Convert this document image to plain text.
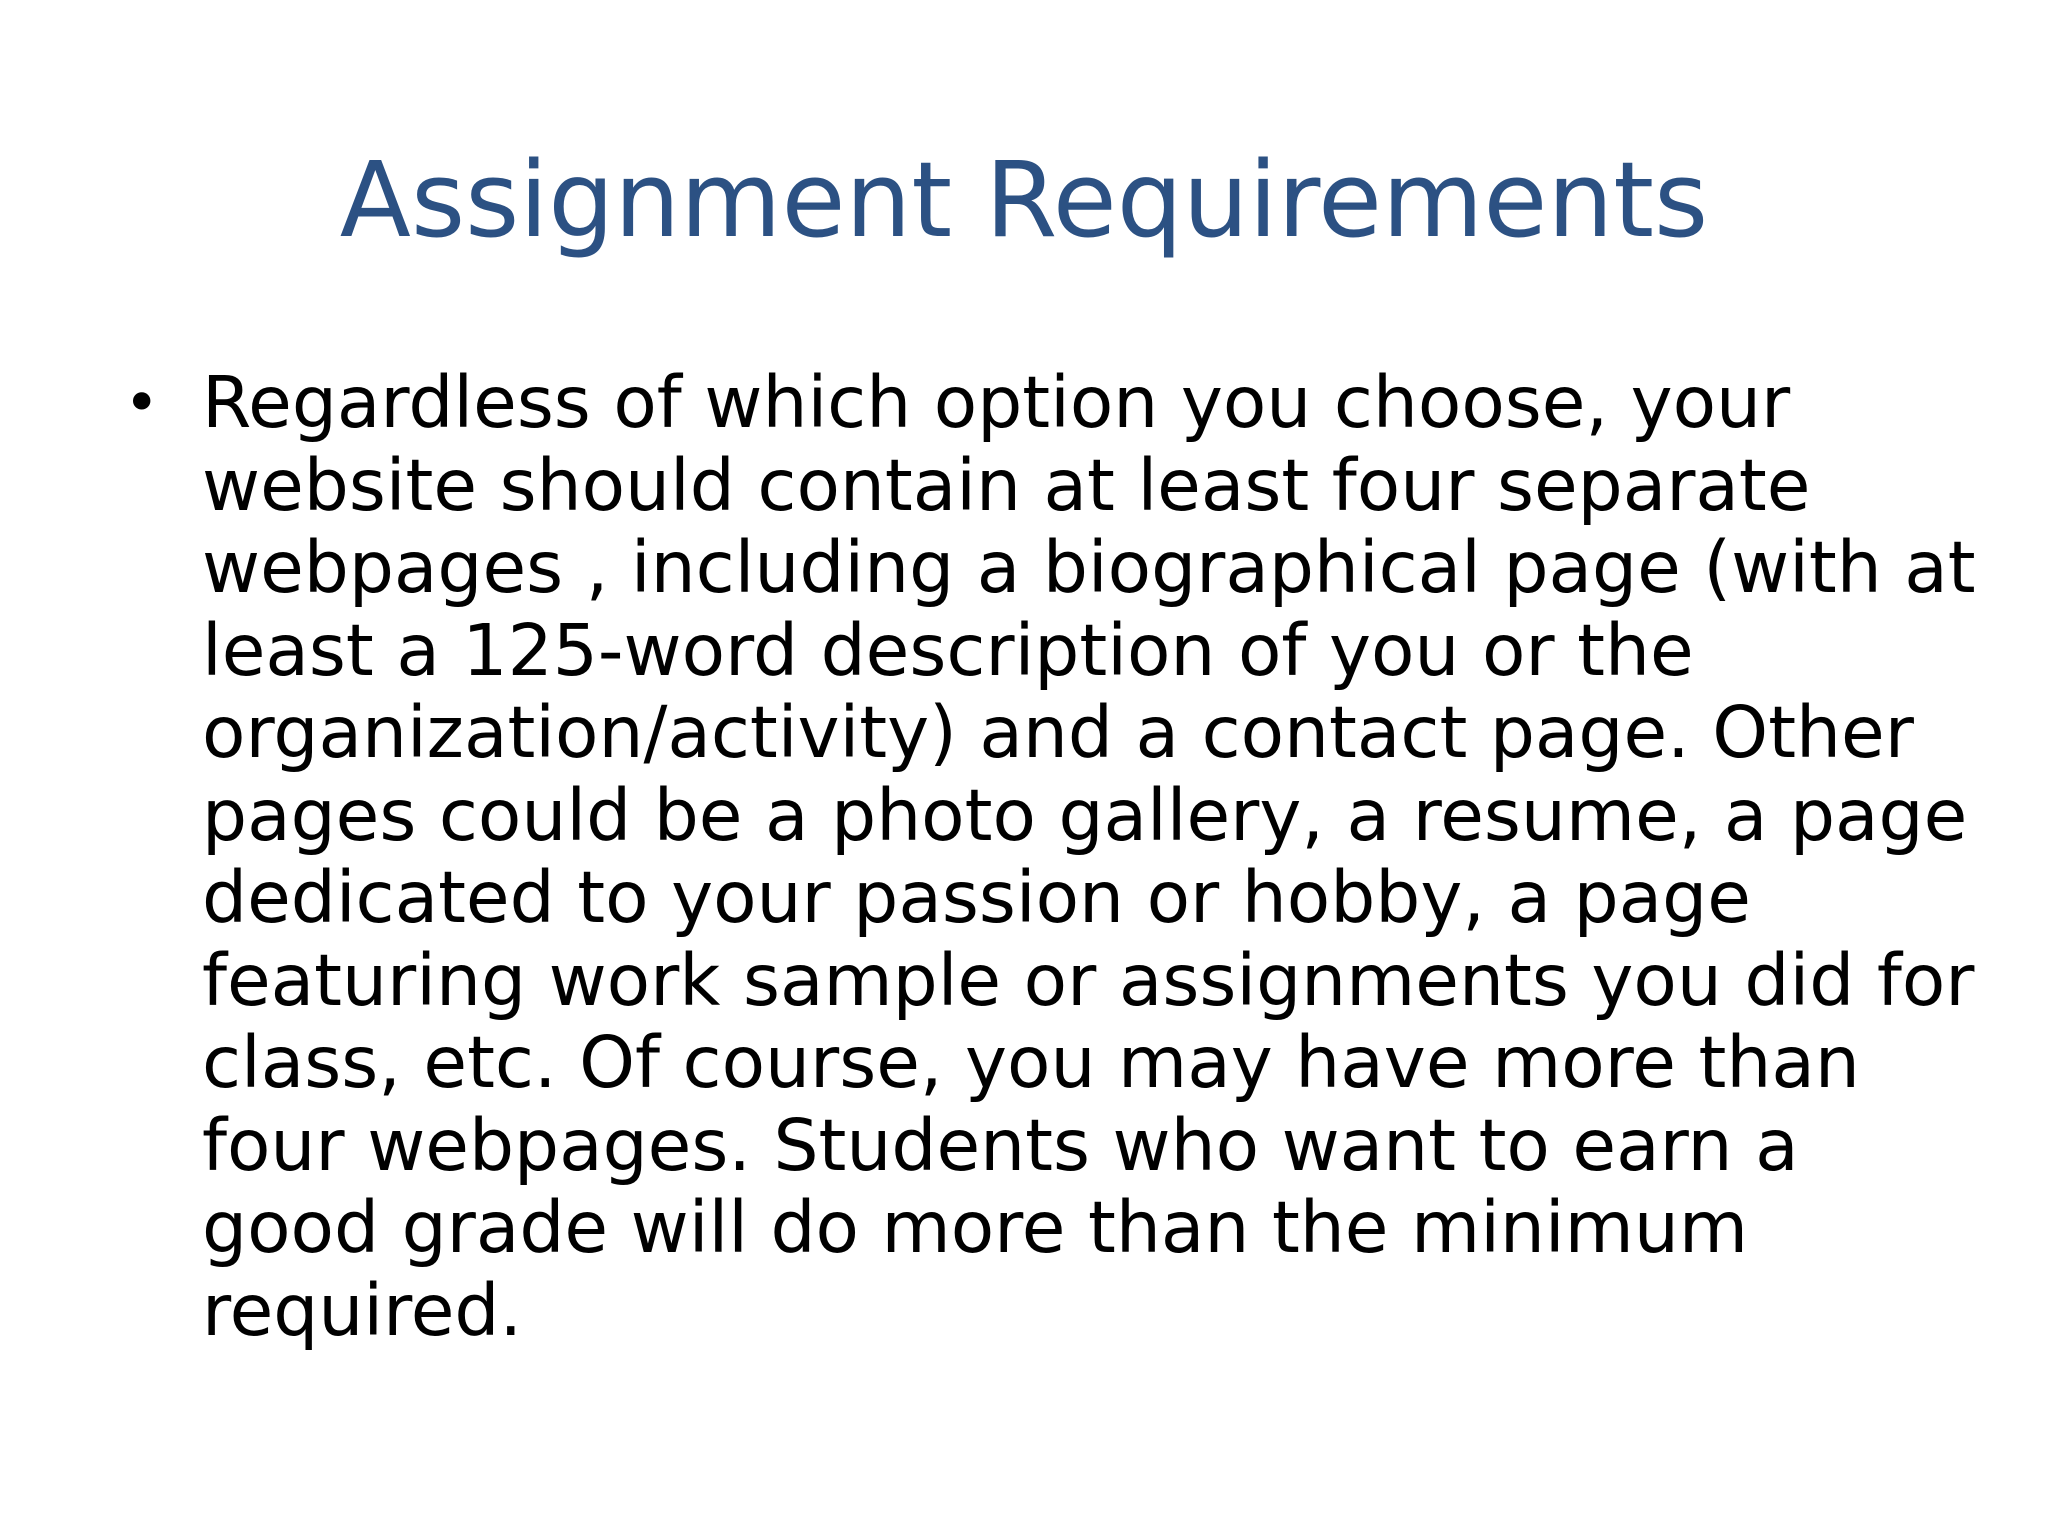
Assignment Requirements
• Regardless of which option you choose, your
website should contain at least four separate
webpages , including a biographical page (with at
least a 125-word description of you or the
organization/activity) and a contact page. Other
pages could be a photo gallery, a resume, a page
dedicated to your passion or hobby, a page
featuring work sample or assignments you did for
class, etc. Of course, you may have more than
four webpages. Students who want to earn a
good grade will do more than the minimum
required.
